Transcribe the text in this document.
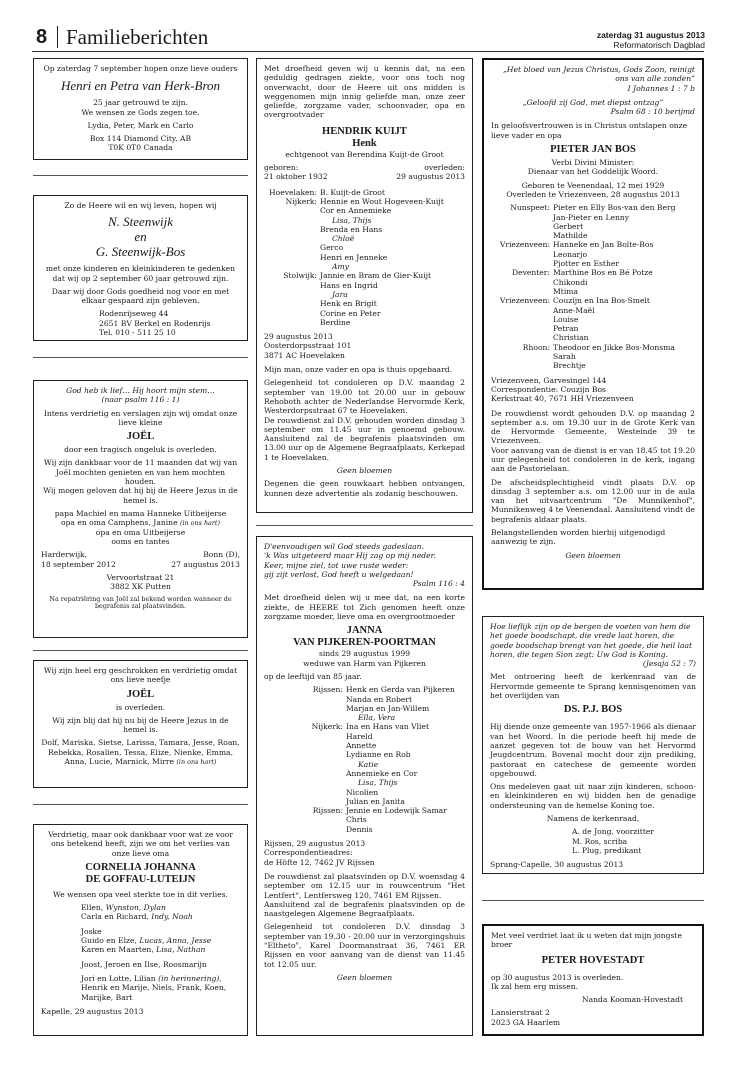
8 Familieberichten	zaterdag 31 augustus 2013
Reformatorisch Dagblad

Op zaterdag 7 september hopen onze lieve ouders

Henri en Petra van Herk-Bron

25 jaar getrouwd te zijn.

We wensen ze Gods zegen toe.

Lydia, Peter, Mark en Carlo

Box 114 Diamond City, AB

T0K 0T0 Canada

Zo de Heere wil en wij leven, hopen wij

N. Steenwijk
en
G. Steenwijk-Bos

met onze kinderen en kleinkinderen te gedenken dat wij op 2 september 60 jaar getrouwd zijn.

Daar wij door Gods goedheid nog voor en met elkaar gespaard zijn gebleven.

Rodenrijseweg 44
2651 BV Berkel en Rodenrijs
Tel. 010 - 511 25 10

God heb ik lief… Hij hoort mijn stem…

(naar psalm 116 : 1)

Intens verdrietig en verslagen zijn wij omdat onze lieve kleine

JOËL

door een tragisch ongeluk is overleden.

Wij zijn dankbaar voor de 11 maanden dat wij van Joël mochten genieten en van hem mochten houden.

Wij mogen geloven dat hij bij de Heere Jezus in de hemel is.

papa Machiel en mama Hanneke Uitbeijerse

opa en oma Camphens, Janine (in ons hart)

opa en oma Uitbeijerse

ooms en tantes

Harderwijk,	Bonn (D),
18 september 2012	27 augustus 2013

Vervoortstraat 21

3882 XK Putten

Na repatriëring van Joël zal bekend worden wanneer de begrafenis zal plaatsvinden.

Wij zijn heel erg geschrokken en verdrietig omdat ons lieve neefje

JOËL

is overleden.

Wij zijn blij dat hij nu bij de Heere Jezus in de hemel is.

Dolf, Mariska, Sietse, Larissa, Tamara, Jesse, Roan, Rebekka, Rosalien, Tessa, Elize, Nienke, Emma, Anna, Lucie, Marnick, Mirre (in ons hart)

Verdrietig, maar ook dankbaar voor wat ze voor ons betekend heeft, zijn we om het verlies van onze lieve oma

CORNELIA JOHANNA
DE GOFFAU-LUTEIJN

We wensen opa veel sterkte toe in dit verlies.

Ellen, Wynston, Dylan
Carla en Richard, Indy, Noah
Joske
Guido en Elze, Lucas, Anna, Jesse
Karen en Maarten, Lisa, Nathan
Joost, Jeroen en Ilse, Roosmarijn
Jori en Lotte, Lilian (in herinnering),
Henrik en Marije, Niels, Frank, Koen,
Marijke, Bart
Kapelle, 29 augustus 2013

Met droefheid geven wij u kennis dat, na een geduldig gedragen ziekte, voor ons toch nog onverwacht, door de Heere uit ons midden is weggenomen mijn innig geliefde man, onze zeer geliefde, zorgzame vader, schoonvader, opa en overgrootvader

HENDRIK KUIJT
Henk

echtgenoot van Berendina Kuijt-de Groot

geboren:	overleden:
21 oktober 1932	29 augustus 2013
Hoevelaken: B. Kuijt-de Groot
Nijkerk: Hennie en Wout Hogeveen-Kuijt
Cor en Annemieke
Lisa, Thijs
Brenda en Hans
Chloë
Gerco
Henri en Jenneke
Amy
Stolwijk: Jannie en Bram de Gier-Kuijt
Hans en Ingrid
Jara
Henk en Brigit
Corine en Peter
Berdine
29 augustus 2013
Oosterdorpsstraat 101
3871 AC Hoevelaken

Mijn man, onze vader en opa is thuis opgebaard.

Gelegenheid tot condoleren op D.V. maandag 2 september van 19.00 tot 20.00 uur in gebouw Rehoboth achter de Nederlandse Hervormde Kerk, Westerdorpsstraat 67 te Hoevelaken.

De rouwdienst zal D.V. gehouden worden dinsdag 3 september om 11.45 uur in genoemd gebouw. Aansluitend zal de begrafenis plaatsvinden om 13.00 uur op de Algemene Begraafplaats, Kerkepad 1 te Hoevelaken.

Geen bloemen

Degenen die geen rouwkaart hebben ontvangen, kunnen deze advertentie als zodanig beschouwen.

D'eenvoudigen wil God steeds gadeslaan.
'k Was uitgeteerd maar Hij zag op mij neder.
Keer, mijne ziel, tot uwe ruste weder:
gij zijt verlost, God heeft u welgedaan!
Psalm 116 : 4

Met droefheid delen wij u mee dat, na een korte ziekte, de HEERE tot Zich genomen heeft onze zorgzame moeder, lieve oma en overgrootmoeder

JANNA
VAN PIJKEREN-POORTMAN
sinds 29 augustus 1999

weduwe van Harm van Pijkeren

op de leeftijd van 85 jaar.

Rijssen: Henk en Gerda van Pijkeren
Nanda en Robert
Marjan en Jan-Willem
Ella, Vera
Nijkerk: Ina en Hans van Vliet
Hareld
Annette
Lydianne en Rob
Katie
Annemieke en Cor
Lisa, Thijs
Nicolien
Julian en Janita
Rijssen: Jennie en Lodewijk Samar
Chris
Dennis
Rijssen, 29 augustus 2013
Correspondentieadres:
de Höfte 12, 7462 JV Rijssen

De rouwdienst zal plaatsvinden op D.V. woensdag 4 september om 12.15 uur in rouwcentrum "Het Lentfert", Lentfersweg 120, 7461 EM Rijssen.

Aansluitend zal de begrafenis plaatsvinden op de naastgelegen Algemene Begraafplaats.

Gelegenheid tot condoleren D.V. dinsdag 3 september van 19.30 - 20.00 uur in verzorgingshuis "Eltheto", Karel Doormanstraat 36, 7461 ER Rijssen en voor aanvang van de dienst van 11.45 tot 12.05 uur.

Geen bloemen

„Het bloed van Jezus Christus, Gods Zoon, reinigt ons van alle zonden”
I Johannes 1 : 7 b
„Geloofd zij God, met diepst ontzag”
Psalm 68 : 10 berijmd

In geloofsvertrouwen is in Christus ontslapen onze lieve vader en opa

PIETER JAN BOS
Verbi Divini Minister:

Dienaar van het Goddelijk Woord.

Geboren te Veenendaal, 12 mei 1929

Overleden te Vriezenveen, 28 augustus 2013

Nunspeet: Pieter en Elly Bos-van den Berg
Jan-Pieter en Lenny
Gerbert
Mathilde
Vriezenveen: Hanneke en Jan Bolte-Bos
Leonarjo
Pjotter en Esther
Deventer: Marthine Bos en Bé Potze
Chikondi
Mtima
Vriezenveen: Couzijn en Ina Bos-Smelt
Anne-Maël
Louise
Petran
Christian
Rhoon: Theodoor en Jikke Bos-Monsma
Sarah
Brechtje
Vriezenveen, Garvesingel 144
Correspondentie: Couzijn Bos
Kerkstraat 40, 7671 HH Vriezenveen

De rouwdienst wordt gehouden D.V. op maandag 2 september a.s. om 19.30 uur in de Grote Kerk van de Hervormde Gemeente, Westeinde 39 te Vriezenveen.

Voor aanvang van de dienst is er van 18.45 tot 19.20 uur gelegenheid tot condoleren in de kerk, ingang aan de Pastorielaan.

De afscheidsplechtigheid vindt plaats D.V. op dinsdag 3 september a.s. om 12.00 uur in de aula van het uitvaartcentrum "De Munnikenhof", Munnikenweg 4 te Veenendaal. Aansluitend vindt de begrafenis aldaar plaats.

Belangstellenden worden hierbij uitgenodigd aanwezig te zijn.

Geen bloemen

Hoe lieflijk zijn op de bergen de voeten van hem die het goede boodschapt, die vrede laat horen, die goede boodschap brengt van het goede, die heil laat horen, die tegen Sion zegt: Uw God is Koning.

(Jesaja 52 : 7)

Met ontroering heeft de kerkenraad van de Hervormde gemeente te Sprang kennisgenomen van het overlijden van

DS. P.J. BOS

Hij diende onze gemeente van 1957-1966 als dienaar van het Woord. In die periode heeft hij mede de aanzet gegeven tot de bouw van het Hervormd Jeugdcentrum. Bovenal mocht door zijn prediking, pastoraat en catechese de gemeente worden opgebouwd.

Ons medeleven gaat uit naar zijn kinderen, schoon- en kleinkinderen en wij bidden hen de genadige ondersteuning van de hemelse Koning toe.

Namens de kerkenraad,

A. de Jong, voorzitter
M. Ros, scriba
L. Plug, predikant
Sprang-Capelle, 30 augustus 2013

Met veel verdriet laat ik u weten dat mijn jongste broer

PETER HOVESTADT
op 30 augustus 2013 is overleden.

Ik zal hem erg missen.

Nanda Kooman-Hovestadt

Lansierstraat 2
2023 GA Haarlem
